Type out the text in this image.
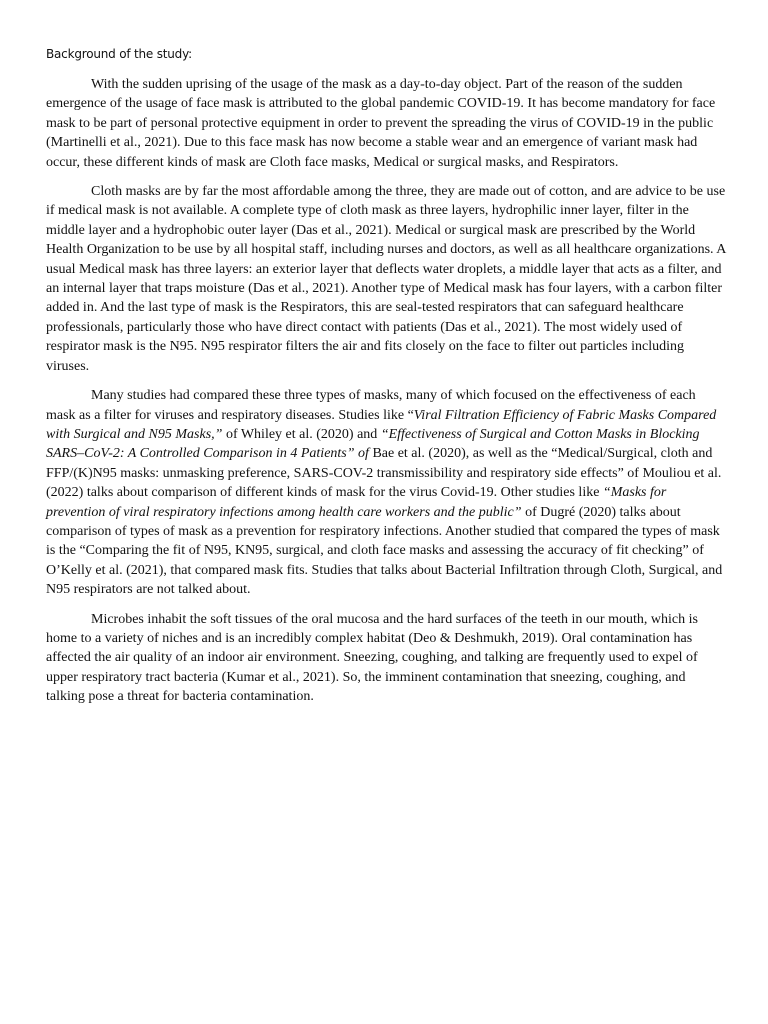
Background of the study:

With the sudden uprising of the usage of the mask as a day-to-day object. Part of the reason of the sudden emergence of the usage of face mask is attributed to the global pandemic COVID-19. It has become mandatory for face mask to be part of personal protective equipment in order to prevent the spreading the virus of COVID-19 in the public (Martinelli et al., 2021). Due to this face mask has now become a stable wear and an emergence of variant mask had occur, these different kinds of mask are Cloth face masks, Medical or surgical masks, and Respirators.

Cloth masks are by far the most affordable among the three, they are made out of cotton, and are advice to be use if medical mask is not available. A complete type of cloth mask as three layers, hydrophilic inner layer, filter in the middle layer and a hydrophobic outer layer (Das et al., 2021). Medical or surgical mask are prescribed by the World Health Organization to be use by all hospital staff, including nurses and doctors, as well as all healthcare organizations. A usual Medical mask has three layers: an exterior layer that deflects water droplets, a middle layer that acts as a filter, and an internal layer that traps moisture (Das et al., 2021). Another type of Medical mask has four layers, with a carbon filter added in. And the last type of mask is the Respirators, this are seal-tested respirators that can safeguard healthcare professionals, particularly those who have direct contact with patients (Das et al., 2021). The most widely used of respirator mask is the N95. N95 respirator filters the air and fits closely on the face to filter out particles including viruses.

Many studies had compared these three types of masks, many of which focused on the effectiveness of each mask as a filter for viruses and respiratory diseases. Studies like “Viral Filtration Efficiency of Fabric Masks Compared with Surgical and N95 Masks,” of Whiley et al. (2020) and “Effectiveness of Surgical and Cotton Masks in Blocking SARS–CoV-2: A Controlled Comparison in 4 Patients” of Bae et al. (2020), as well as the “Medical/Surgical, cloth and FFP/(K)N95 masks: unmasking preference, SARS-COV-2 transmissibility and respiratory side effects” of Mouliou et al. (2022) talks about comparison of different kinds of mask for the virus Covid-19. Other studies like “Masks for prevention of viral respiratory infections among health care workers and the public” of Dugré (2020) talks about comparison of types of mask as a prevention for respiratory infections. Another studied that compared the types of mask is the “Comparing the fit of N95, KN95, surgical, and cloth face masks and assessing the accuracy of fit checking” of O’Kelly et al. (2021), that compared mask fits. Studies that talks about Bacterial Infiltration through Cloth, Surgical, and N95 respirators are not talked about.

Microbes inhabit the soft tissues of the oral mucosa and the hard surfaces of the teeth in our mouth, which is home to a variety of niches and is an incredibly complex habitat (Deo & Deshmukh, 2019). Oral contamination has affected the air quality of an indoor air environment. Sneezing, coughing, and talking are frequently used to expel of upper respiratory tract bacteria (Kumar et al., 2021). So, the imminent contamination that sneezing, coughing, and talking pose a threat for bacteria contamination.
